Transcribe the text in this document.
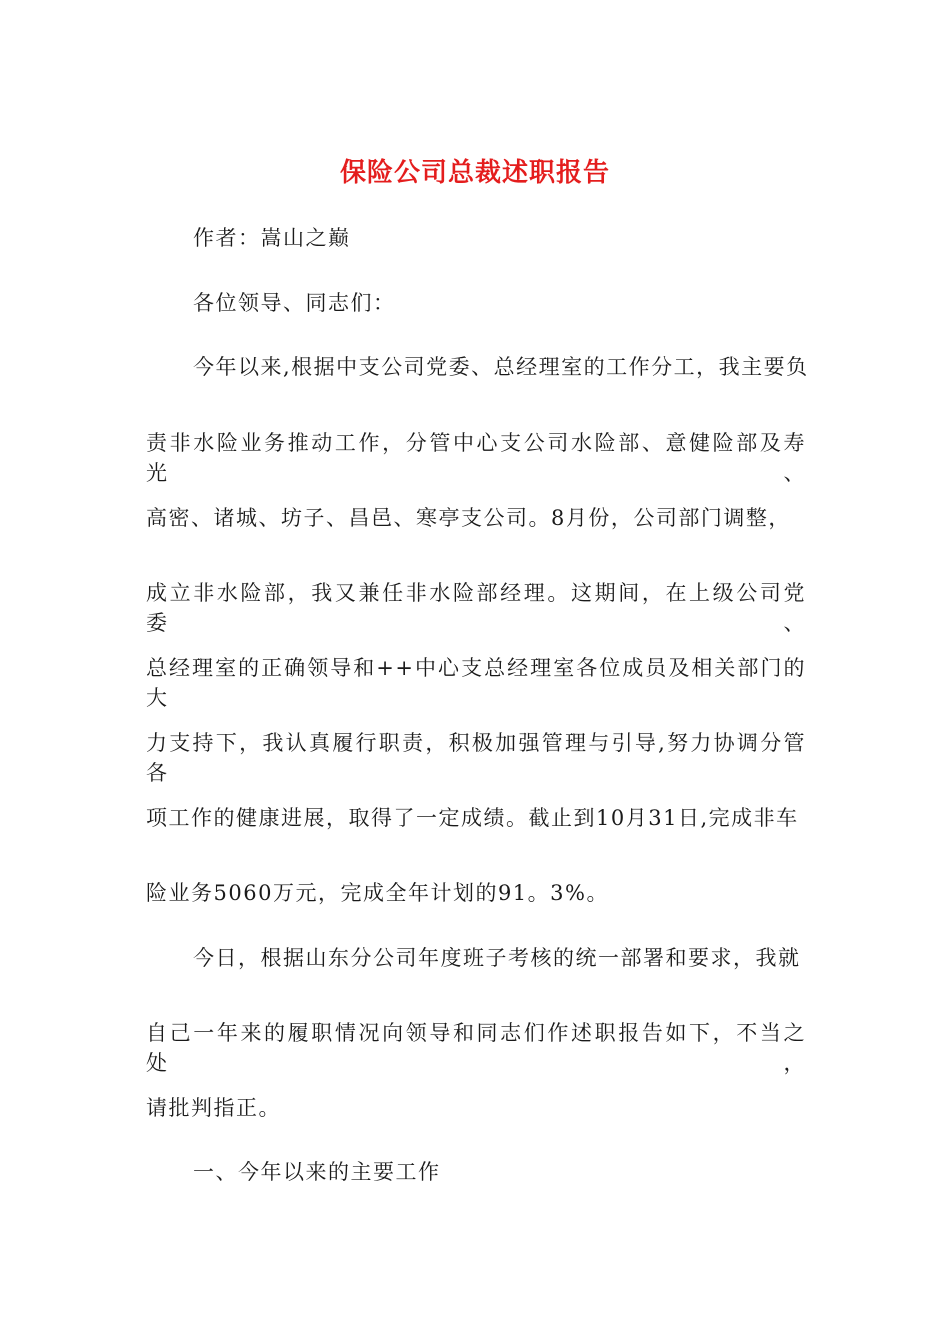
保险公司总裁述职报告
作者：嵩山之巅
各位领导、同志们：
今年以来,根据中支公司党委、总经理室的工作分工，我主要负
责非水险业务推动工作，分管中心支公司水险部、意健险部及寿光、
高密、诸城、坊子、昌邑、寒亭支公司。8月份，公司部门调整，
成立非水险部，我又兼任非水险部经理。这期间，在上级公司党委、
总经理室的正确领导和++中心支总经理室各位成员及相关部门的大
力支持下，我认真履行职责，积极加强管理与引导,努力协调分管各
项工作的健康进展，取得了一定成绩。截止到10月31日,完成非车
险业务5060万元，完成全年计划的91。3%。
今日，根据山东分公司年度班子考核的统一部署和要求，我就
自己一年来的履职情况向领导和同志们作述职报告如下，不当之处，
请批判指正。
一、今年以来的主要工作
